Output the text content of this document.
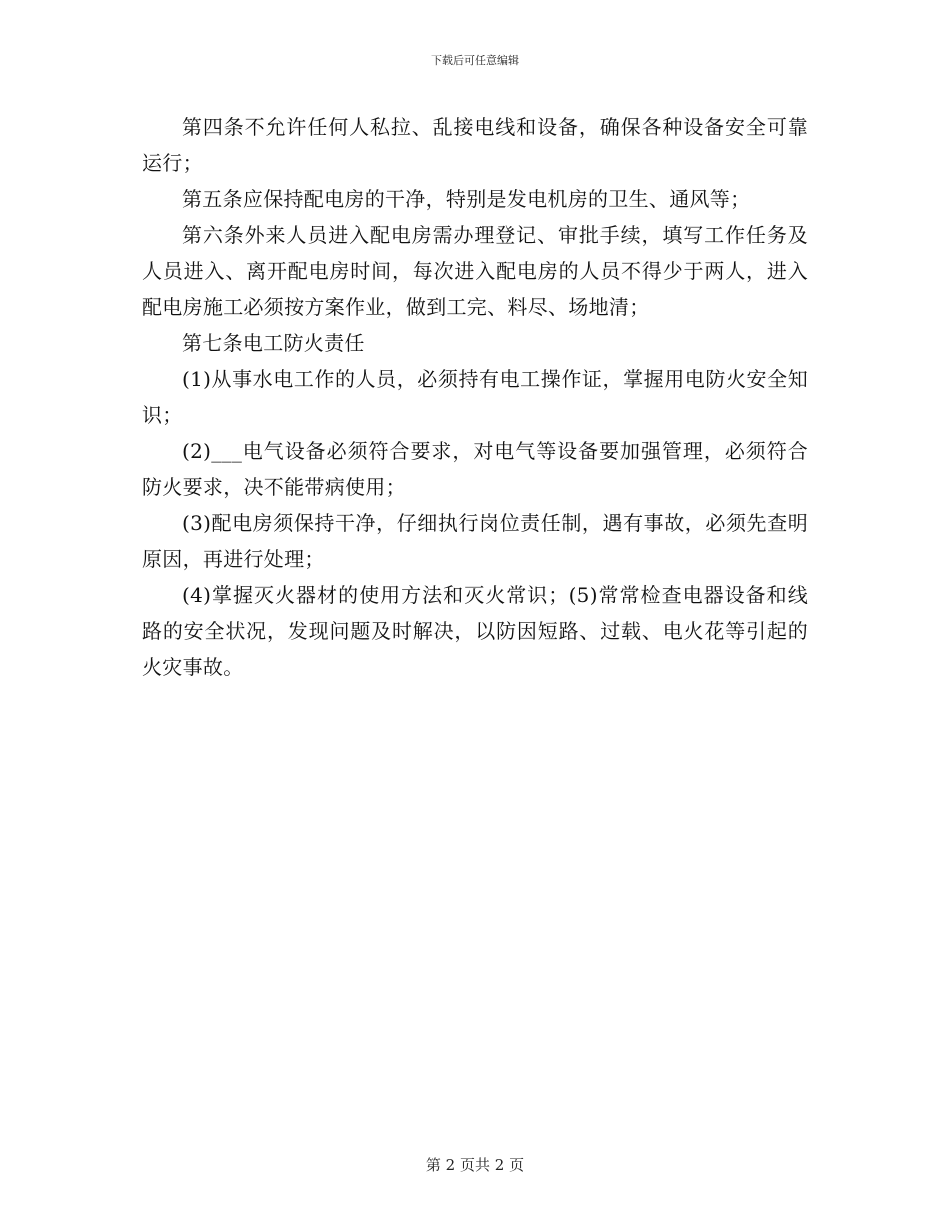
下载后可任意编辑

第四条不允许任何人私拉、乱接电线和设备，确保各种设备安全可靠运行；

第五条应保持配电房的干净，特别是发电机房的卫生、通风等；

第六条外来人员进入配电房需办理登记、审批手续，填写工作任务及人员进入、离开配电房时间，每次进入配电房的人员不得少于两人，进入配电房施工必须按方案作业，做到工完、料尽、场地清；

第七条电工防火责任

(1)从事水电工作的人员，必须持有电工操作证，掌握用电防火安全知识；

(2)___电气设备必须符合要求，对电气等设备要加强管理，必须符合防火要求，决不能带病使用；

(3)配电房须保持干净，仔细执行岗位责任制，遇有事故，必须先查明原因，再进行处理；

(4)掌握灭火器材的使用方法和灭火常识；(5)常常检查电器设备和线路的安全状况，发现问题及时解决，以防因短路、过载、电火花等引起的火灾事故。

第 2 页共 2 页
